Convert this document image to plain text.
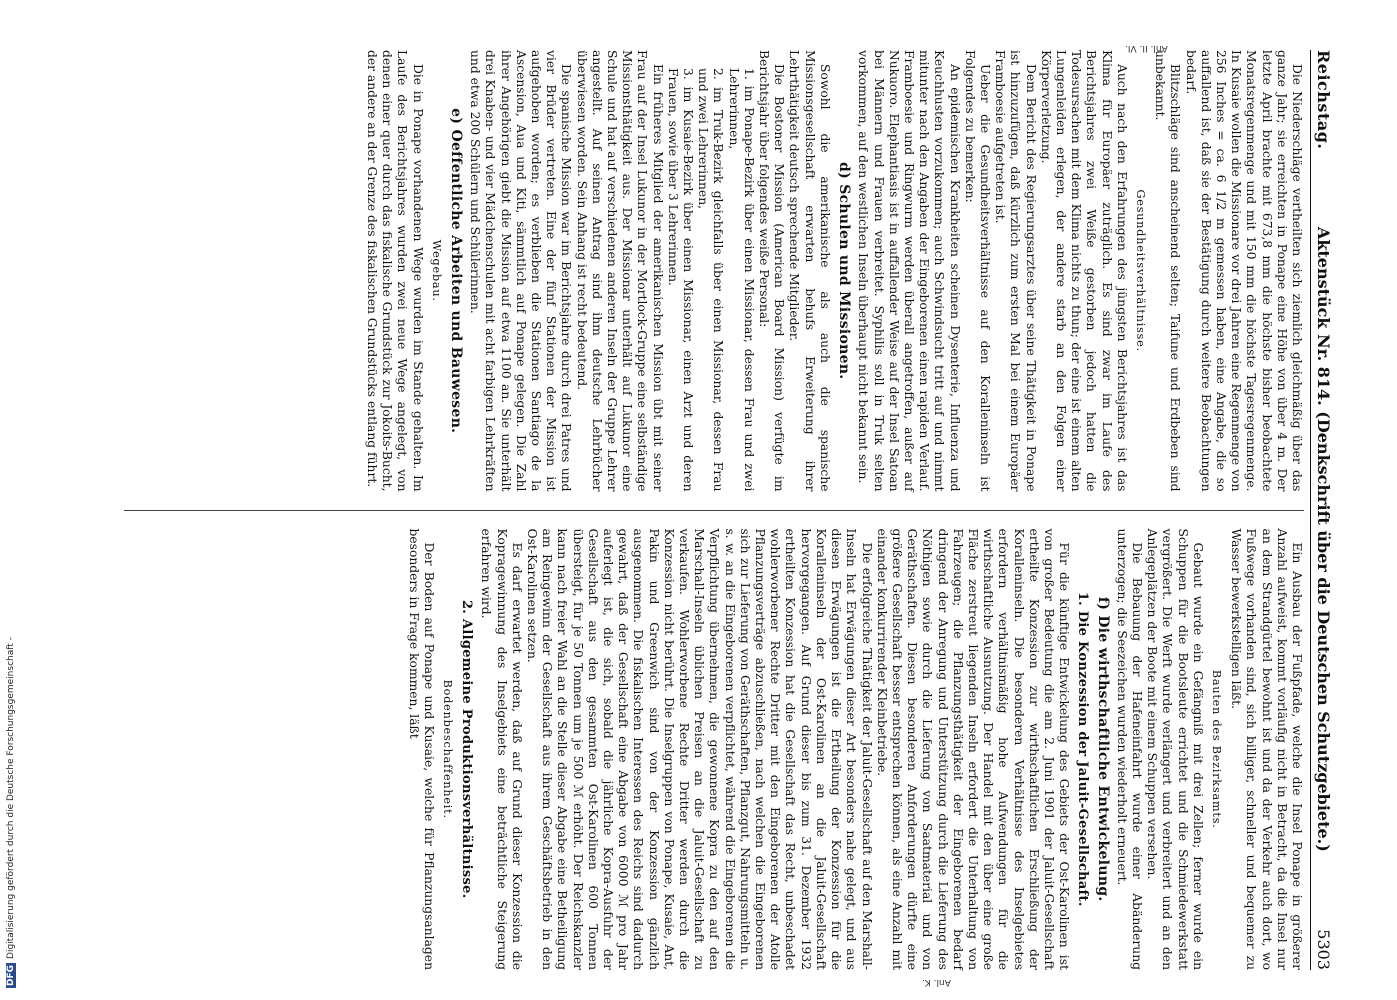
DFGDigitalisierung gefördert durch die Deutsche Forschungsgemeinschaft -
Reichstag.
Aktenstück Nr. 814. (Denkschrift über die Deutschen Schutzgebiete.)
5303
Anl. II. VI.

Die Niederschläge vertheilten sich ziemlich gleichmäßig über das ganze Jahr; sie erreichten in Ponape eine Höhe von über 4 m. Der letzte April brachte mit 673,8 mm die höchste bisher beobachtete Monatsregenmenge und mit 150 mm die höchste Tagesregenmenge. In Kusaie wollen die Missionare vor drei Jahren eine Regenmenge von 256 Inches = ca. 6 1/2 m gemessen haben, eine Angabe, die so auffallend ist, daß sie der Bestätigung durch weitere Beobachtungen bedarf.

Blitzschläge sind anscheinend selten; Taifune und Erdbeben sind unbekannt.

Gesundheitsverhältnisse.

Auch nach den Erfahrungen des jüngsten Berichtsjahres ist das Klima für Europäer zuträglich. Es sind zwar im Laufe des Berichtsjahres zwei Weiße gestorben jedoch hatten die Todesursachen mit dem Klima nichts zu thun; der eine ist einem alten Lungenleiden erlegen, der andere starb an den Folgen einer Körperverletzung.

Dem Bericht des Regierungsarztes über seine Thätigkeit in Ponape ist hinzuzufügen, daß kürzlich zum ersten Mal bei einem Europäer Framboesie aufgetreten ist.

Ueber die Gesundheitsverhältnisse auf den Koralleninseln ist Folgendes zu bemerken:

An epidemischen Krankheiten scheinen Dysenterie, Influenza und Keuchhusten vorzukommen; auch Schwindsucht tritt auf und nimmt mitunter nach den Angaben der Eingeborenen einen rapiden Verlauf. Framboesie und Ringwurm werden überall angetroffen, außer auf Nukuoro. Elephantiasis ist in auffallender Weise auf der Insel Satoan bei Männern und Frauen verbreitet. Syphilis soll in Truk selten vorkommen, auf den westlichen Inseln überhaupt nicht bekannt sein.

d) Schulen und Missionen.

Sowohl die amerikanische als auch die spanische Missionsgesellschaft erwarten behufs Erweiterung ihrer Lehrthätigkeit deutsch sprechende Mitglieder.

Die Bostoner Mission (American Board Mission) verfügte im Berichtsjahr über folgendes weiße Personal:

1. im Ponape-Bezirk über einen Missionar, dessen Frau und zwei Lehrerinnen,

2. im Truk-Bezirk gleichfalls über einen Missionar, dessen Frau und zwei Lehrerinnen,

3. im Kusaie-Bezirk über einen Missionar, einen Arzt und deren Frauen, sowie über 3 Lehrerinnen.

Ein früheres Mitglied der amerikanischen Mission übt mit seiner Frau auf der Insel Lukunor in der Mortlock-Gruppe eine selbständige Missionsthätigkeit aus. Der Missionar unterhält auf Lukunor eine Schule und hat auf verschiedenen anderen Inseln der Gruppe Lehrer angestellt. Auf seinen Antrag sind ihm deutsche Lehrbücher überwiesen worden. Sein Anhang ist recht bedeutend.

Die spanische Mission war im Berichtsjahre durch drei Patres und vier Brüder vertreten. Eine der fünf Stationen der Mission ist aufgehoben worden; es verblieben die Stationen Santiago de la Ascension, Aua und Kiti, sämmtlich auf Ponape gelegen. Die Zahl ihrer Angehörigen giebt die Mission auf etwa 1100 an. Sie unterhält drei Knaben- und vier Mädchenschulen mit acht farbigen Lehrkräften und etwa 200 Schülern und Schülerinnen.

e) Oeffentliche Arbeiten und Bauwesen.

Wegebau.

Die in Ponape vorhandenen Wege wurden im Stande gehalten. Im Laufe des Berichtsjahres wurden zwei neue Wege angelegt, von denen einer quer durch das fiskalische Grundstück zur Jokoits-Bucht, der andere an der Grenze des fiskalischen Grundstücks entlang führt.

Anl. K.

Ein Ausbau der Fußpfade, welche die Insel Ponape in größerer Anzahl aufweist, kommt vorläufig nicht in Betracht, da die Insel nur an dem Strandgürtel bewohnt ist und da der Verkehr auch dort, wo Fußwege vorhanden sind, sich billiger, schneller und bequemer zu Wasser bewerkstelligen läßt.

Bauten des Bezirksamts.

Gebaut wurde ein Gefängniß mit drei Zellen; ferner wurde ein Schuppen für die Bootsleute errichtet und die Schmiedewerkstatt vergrößert. Die Werft wurde verlängert und verbreitert und an den Anlegeplätzen der Boote mit einem Schuppen versehen.

Die Bebauung der Hafeneinfahrt wurde einer Abänderung unterzogen; die Seezeichen wurden wiederholt erneuert.

f) Die wirthschaftliche Entwickelung.

1. Die Konzession der Jaluit-Gesellschaft.

Für die künftige Entwickelung des Gebiets der Ost-Karolinen ist von großer Bedeutung die am 2. Juni 1901 der Jaluit-Gesellschaft ertheilte Konzession zur wirthschaftlichen Erschließung der Koralleninseln. Die besonderen Verhältnisse des Inselgebietes erfordern verhältnismäßig hohe Aufwendungen für die wirthschaftliche Ausnutzung. Der Handel mit den über eine große Fläche zerstreut liegenden Inseln erfordert die Unterhaltung von Fahrzeugen; die Pflanzungsthätigkeit der Eingeborenen bedarf dringend der Anregung und Unterstützung durch die Lieferung des Nöthigen sowie durch die Lieferung von Saatmaterial und von Geräthschaften. Diesen besonderen Anforderungen dürfte eine größere Gesellschaft besser entsprechen können, als eine Anzahl mit einander konkurrirender Kleinbetriebe.

Die erfolgreiche Thätigkeit der Jaluit-Gesellschaft auf den Marshall-Inseln hat Erwägungen dieser Art besonders nahe gelegt, und aus diesen Erwägungen ist die Ertheilung der Konzession für die Koralleninseln der Ost-Karolinen an die Jaluit-Gesellschaft hervorgegangen. Auf Grund dieser bis zum 31. Dezember 1932 ertheilten Konzession hat die Gesellschaft das Recht, unbeschadet wohlerworbener Rechte Dritter mit den Eingeborenen der Atolle Pflanzungsverträge abzuschließen, nach welchen die Eingeborenen sich zur Lieferung von Geräthschaften, Pflanzgut, Nahrungsmitteln u. s. w. an die Eingeborenen verpflichtet, während die Eingeborenen die Verpflichtung übernehmen, die gewonnene Kopra zu den auf den Marschall-Inseln üblichen Preisen an die Jaluit-Gesellschaft zu verkaufen. Wohlerworbene Rechte Dritter werden durch die Konzession nicht berührt. Die Inselgruppen von Ponape, Kusaie, Ant, Pakin und Greenwich sind von der Konzession gänzlich ausgenommen. Die fiskalischen Interessen des Reichs sind dadurch gewahrt, daß der Gesellschaft eine Abgabe von 6000 ℳ pro Jahr auferlegt ist, die sich, sobald die jährliche Kopra-Ausfuhr der Gesellschaft aus den gesammten Ost-Karolinen 600 Tonnen übersteigt, für je 50 Tonnen um je 500 ℳ erhöht. Der Reichskanzler kann nach freier Wahl an die Stelle dieser Abgabe eine Betheiligung am Reingewinn der Gesellschaft aus ihrem Geschäftsbetrieb in den Ost-Karolinen setzen.

Es darf erwartet werden, daß auf Grund dieser Konzession die Kopragewinnung des Inselgebiets eine beträchtliche Steigerung erfahren wird.

2. Allgemeine Produktionsverhältnisse.

Bodenbeschaffenheit.

Der Boden auf Ponape und Kusaie, welche für Pflanzungsanlagen besonders in Frage kommen, läßt
